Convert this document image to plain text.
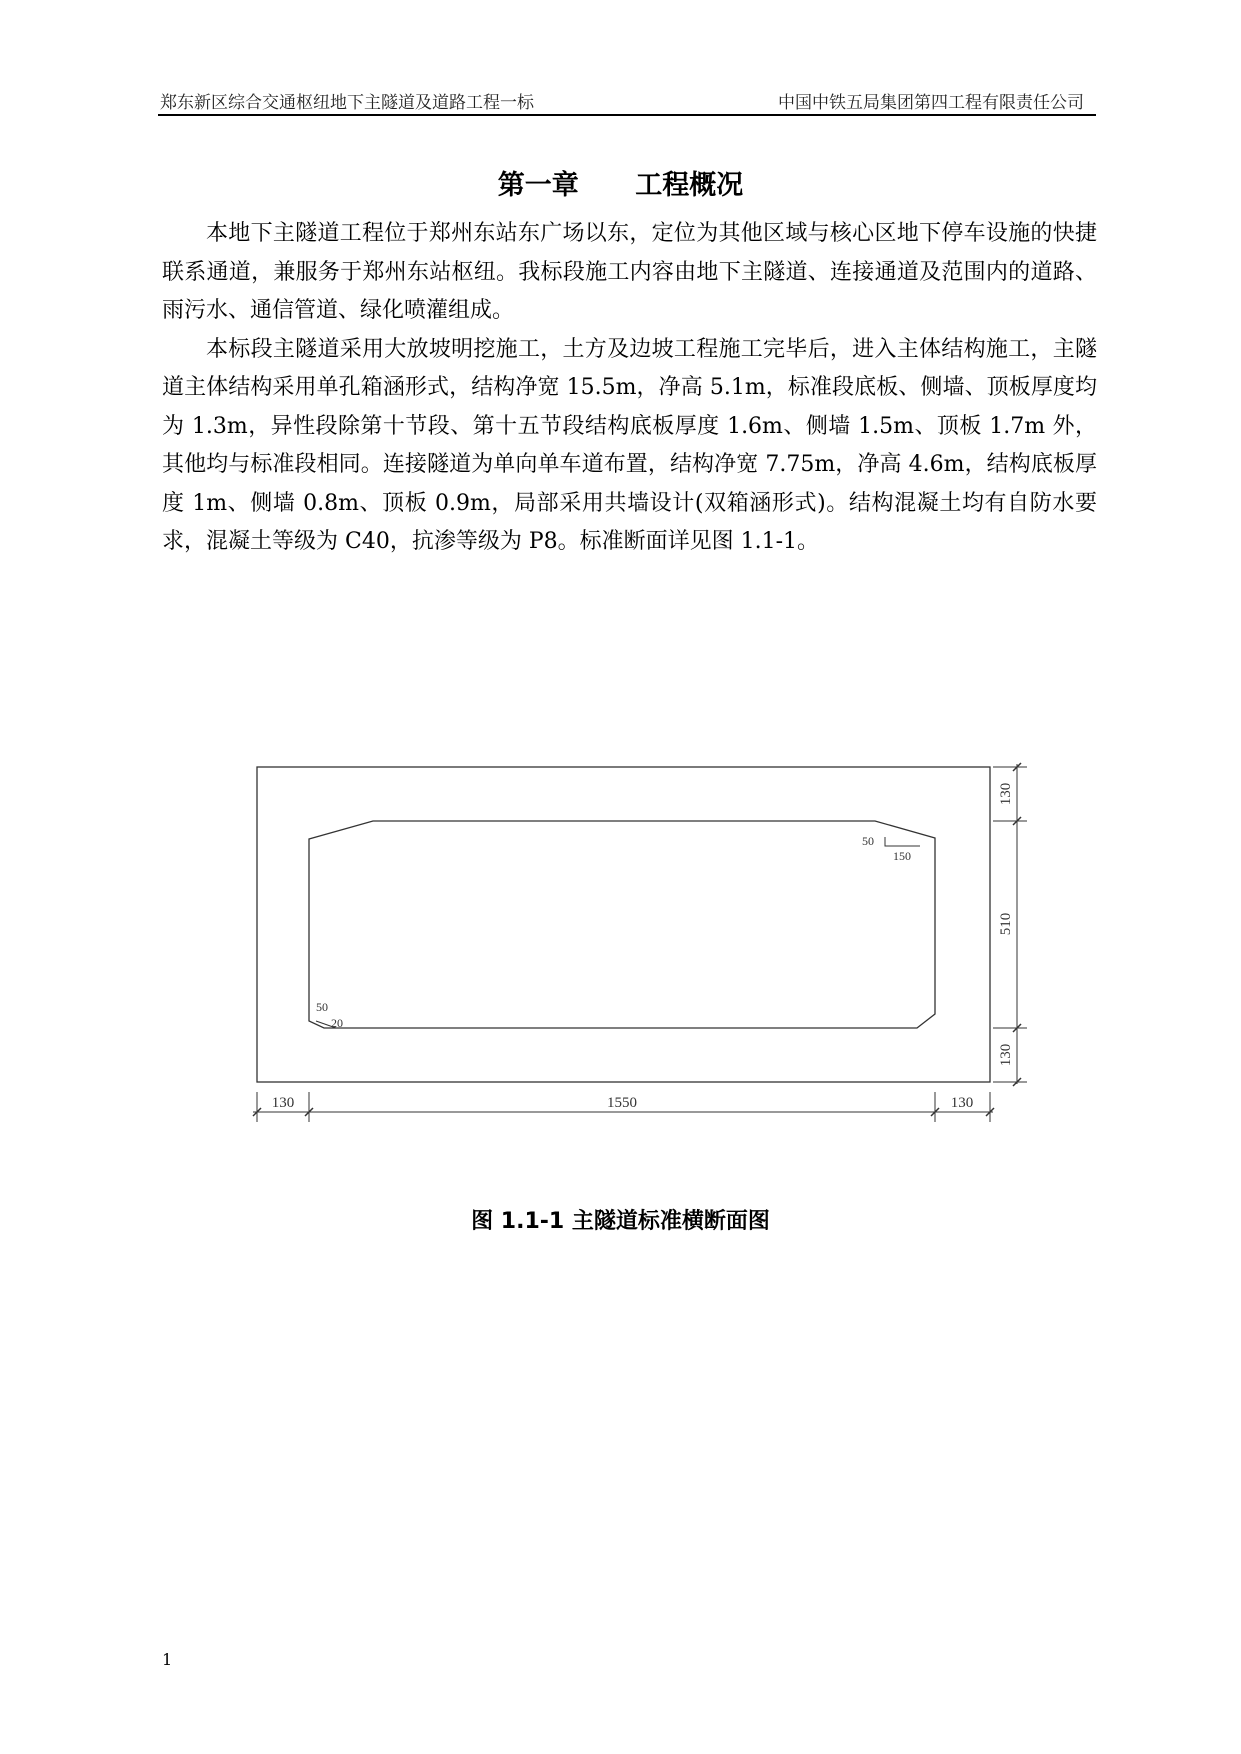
郑东新区综合交通枢纽地下主隧道及道路工程一标	中国中铁五局集团第四工程有限责任公司
第一章      工程概况

本地下主隧道工程位于郑州东站东广场以东，定位为其他区域与核心区地下停车设施的快捷联系通道，兼服务于郑州东站枢纽。我标段施工内容由地下主隧道、连接通道及范围内的道路、雨污水、通信管道、绿化喷灌组成。

本标段主隧道采用大放坡明挖施工，土方及边坡工程施工完毕后，进入主体结构施工，主隧道主体结构采用单孔箱涵形式，结构净宽 15.5m，净高 5.1m，标准段底板、侧墙、顶板厚度均为 1.3m，异性段除第十节段、第十五节段结构底板厚度 1.6m、侧墙 1.5m、顶板 1.7m 外，其他均与标准段相同。连接隧道为单向单车道布置，结构净宽 7.75m，净高 4.6m，结构底板厚度 1m、侧墙 0.8m、顶板 0.9m，局部采用共墙设计(双箱涵形式)。结构混凝土均有自防水要求，混凝土等级为 C40，抗渗等级为 P8。标准断面详见图 1.1-1。

130	1550	130
130
510
130
50
150
50
20
图 1.1-1 主隧道标准横断面图
1
